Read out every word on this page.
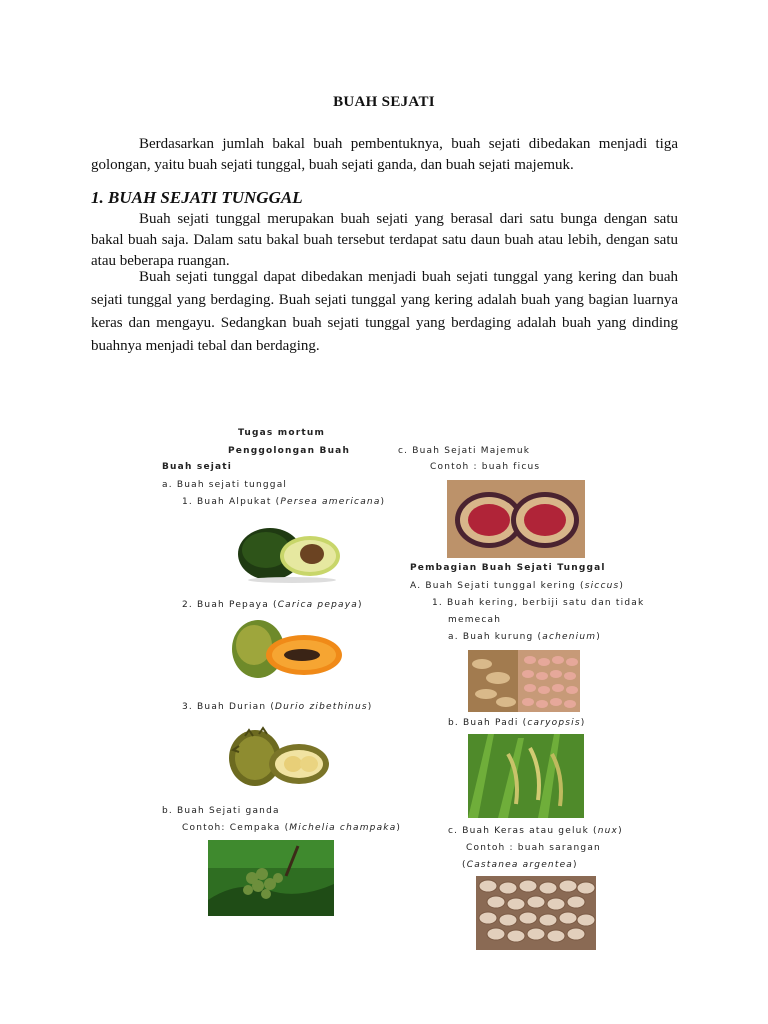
BUAH SEJATI
Berdasarkan jumlah bakal buah pembentuknya, buah sejati dibedakan menjadi tiga golongan, yaitu buah sejati tunggal, buah sejati ganda, dan buah sejati majemuk.
1. BUAH SEJATI TUNGGAL
Buah sejati tunggal merupakan buah sejati yang berasal dari satu bunga dengan satu bakal buah saja. Dalam satu bakal buah tersebut terdapat satu daun buah atau lebih, dengan satu atau beberapa ruangan.
Buah sejati tunggal dapat dibedakan menjadi buah sejati tunggal yang kering dan buah sejati tunggal yang berdaging. Buah sejati tunggal yang kering adalah buah yang bagian luarnya keras dan mengayu. Sedangkan buah sejati tunggal yang berdaging adalah buah yang dinding buahnya menjadi tebal dan berdaging.
Tugas mortum
Penggolongan Buah
Buah sejati
a. Buah sejati tunggal
1. Buah Alpukat (Persea americana)
2. Buah Pepaya (Carica pepaya)
3. Buah Durian (Durio zibethinus)
b. Buah Sejati ganda
Contoh: Cempaka (Michelia champaka)
c. Buah Sejati Majemuk
Contoh : buah ficus
Pembagian Buah Sejati Tunggal
A. Buah Sejati tunggal kering (siccus)
1. Buah kering, berbiji satu dan tidak
memecah
a. Buah kurung (achenium)
b. Buah Padi (caryopsis)
c. Buah Keras atau geluk (nux)
Contoh : buah sarangan
(Castanea argentea)
